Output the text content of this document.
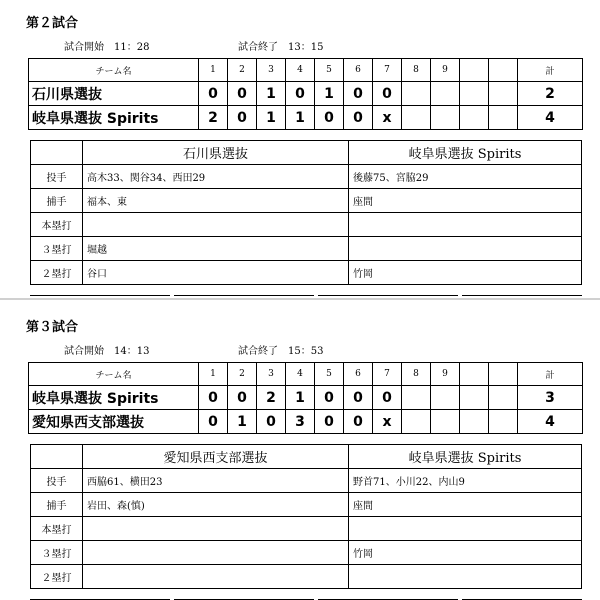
第２試合
試合開始　11：28	試合終了　13：15
チーム名	1	2	3	4	5	6	7	8	9			計
石川県選抜	0	0	1	0	1	0	0					2
岐阜県選抜 Spirits	2	0	1	1	0	0	x					4
	石川県選抜	岐阜県選抜 Spirits
投手	高木33、関谷34、西田29	後藤75、宮脇29
捕手	福本、東	座間
本塁打		
３塁打	堀越	
２塁打	谷口	竹岡
第３試合
試合開始　14：13	試合終了　15：53
チーム名	1	2	3	4	5	6	7	8	9			計
岐阜県選抜 Spirits	0	0	2	1	0	0	0					3
愛知県西支部選抜	0	1	0	3	0	0	x					4
	愛知県西支部選抜	岐阜県選抜 Spirits
投手	西脇61、横田23	野首71、小川22、内山9
捕手	岩田、森(慎)	座間
本塁打		
３塁打		竹岡
２塁打		
